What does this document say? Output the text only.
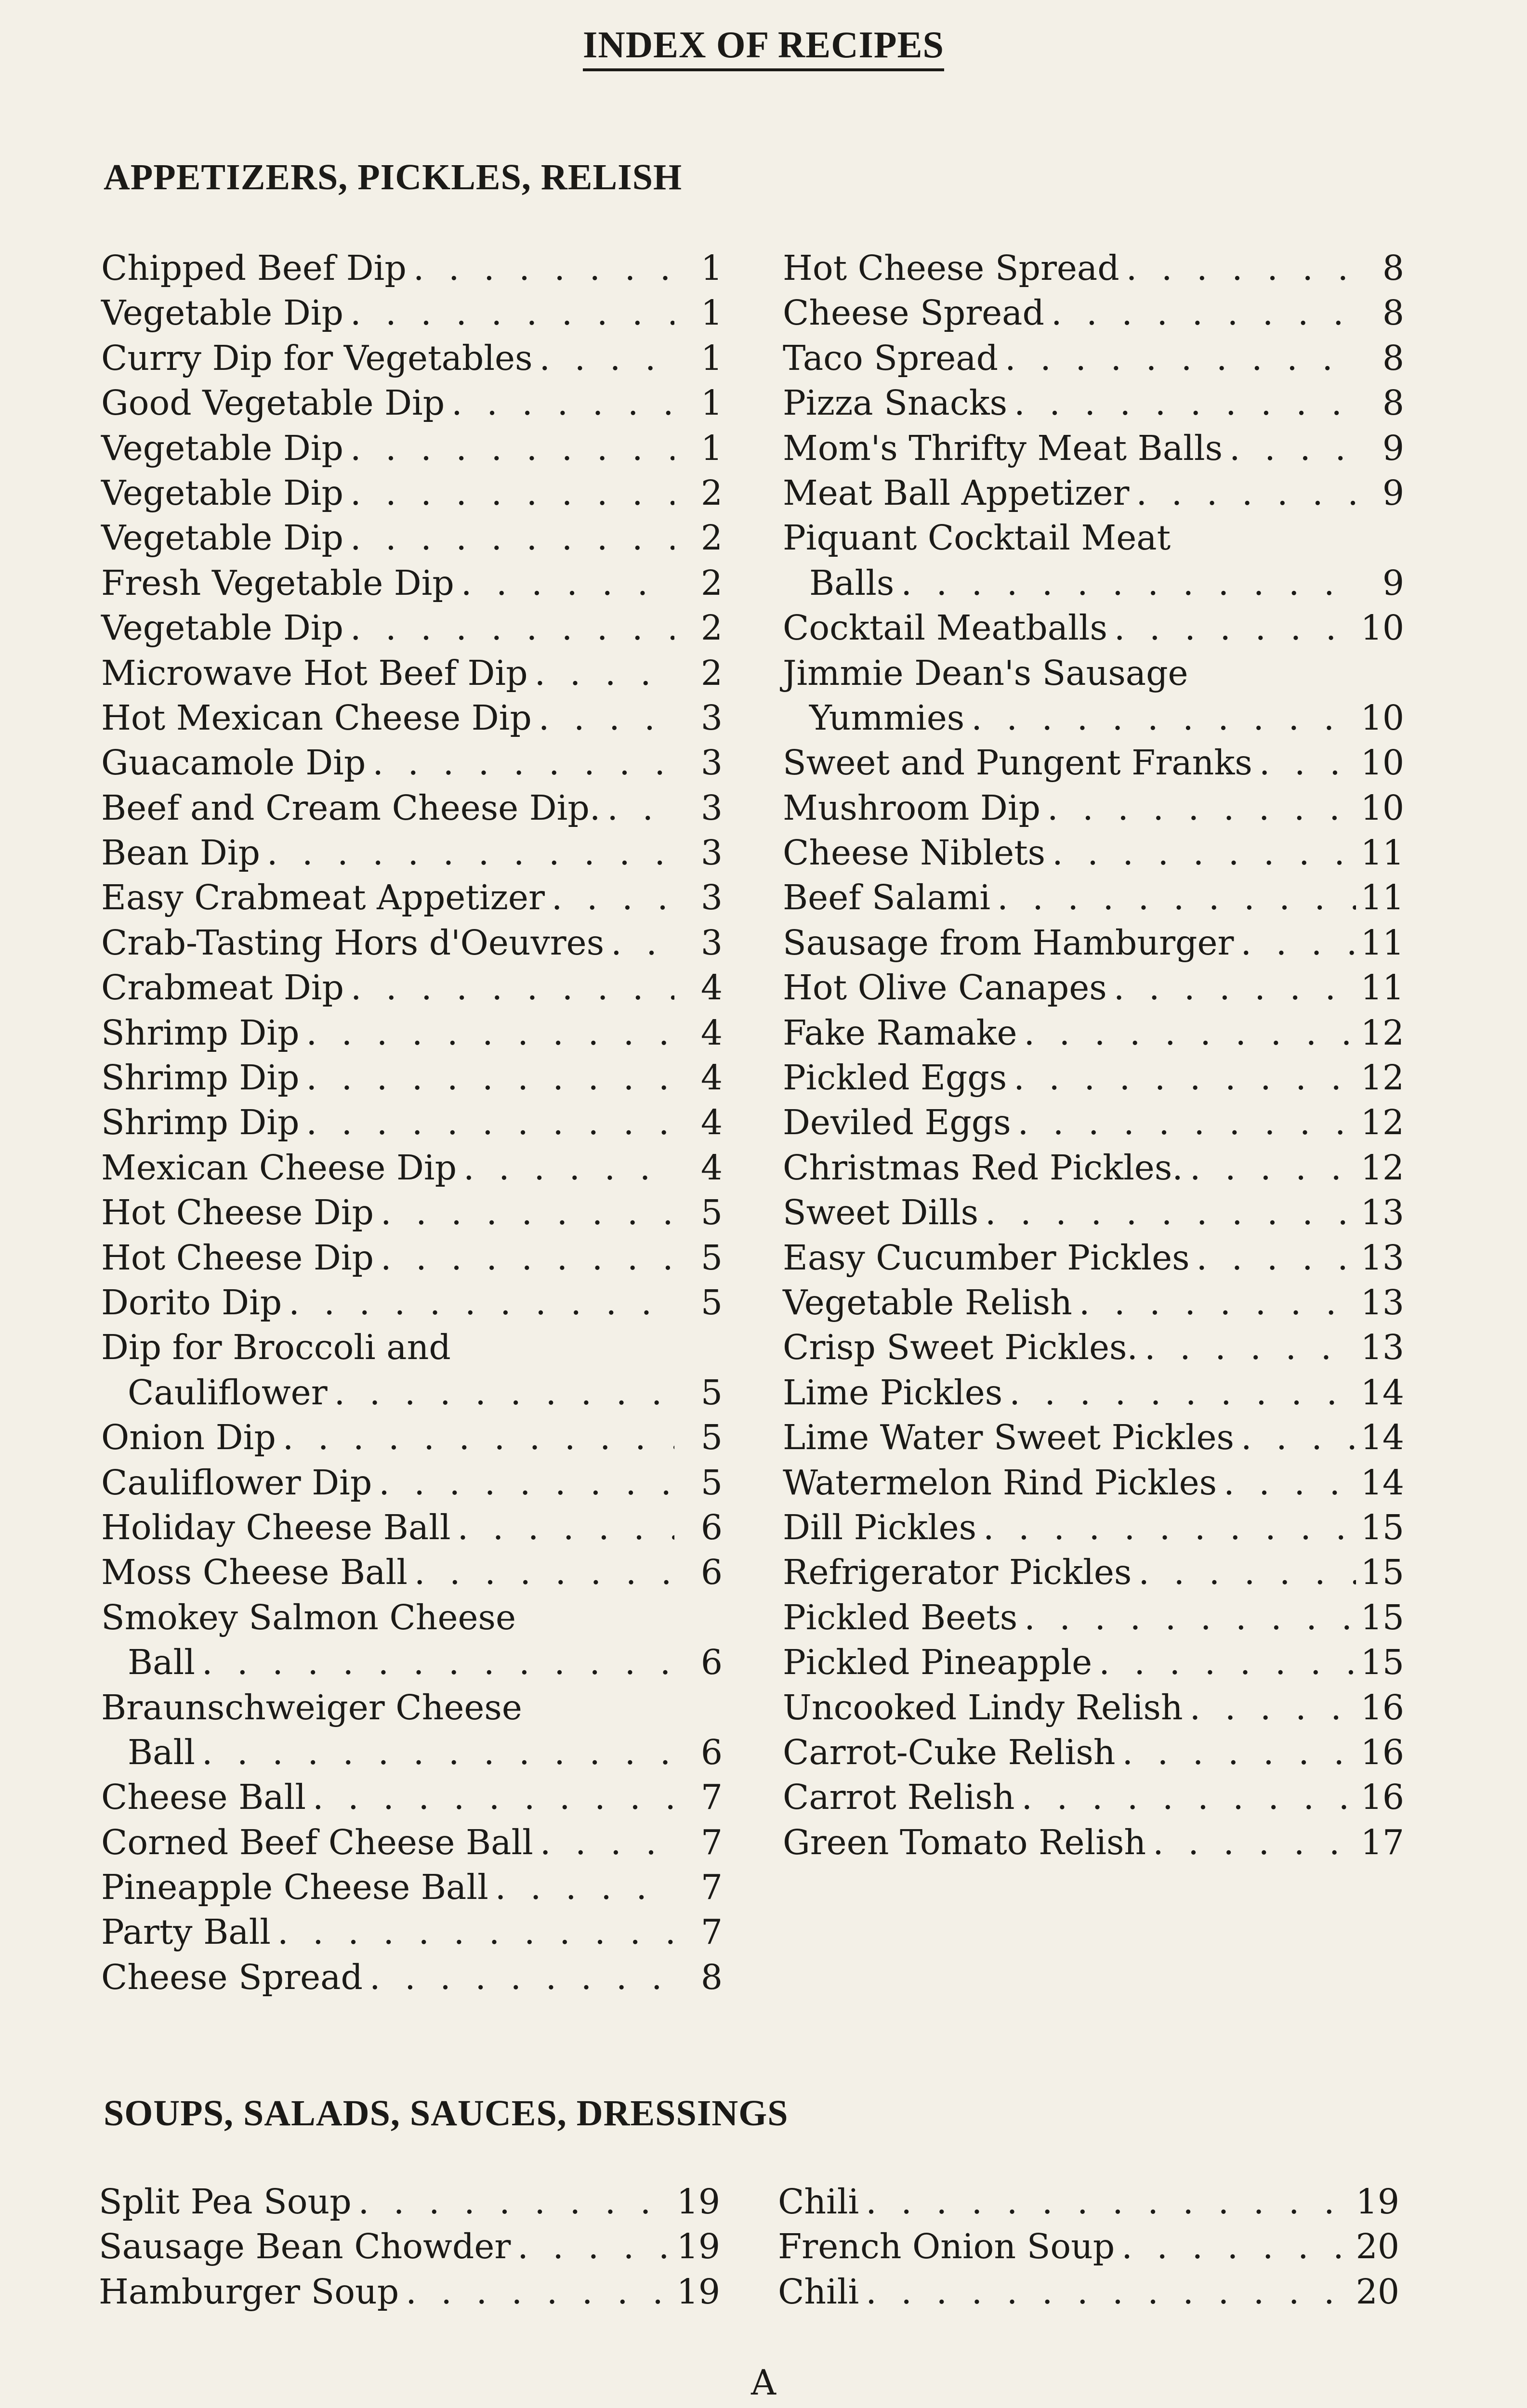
INDEX OF RECIPES
APPETIZERS, PICKLES, RELISH
Chipped Beef Dip . . .	1
Vegetable Dip . . .	1
Curry Dip for Vegetables . . .	1
Good Vegetable Dip . . .	1
Vegetable Dip . . .	1
Vegetable Dip . . .	2
Vegetable Dip . . .	2
Fresh Vegetable Dip . . .	2
Vegetable Dip . . .	2
Microwave Hot Beef Dip . . .	2
Hot Mexican Cheese Dip . . .	3
Guacamole Dip . . .	3
Beef and Cream Cheese Dip. . . .	3
Bean Dip . . .	3
Easy Crabmeat Appetizer . . .	3
Crab-Tasting Hors d'Oeuvres . . .	3
Crabmeat Dip . . .	4
Shrimp Dip . . .	4
Shrimp Dip . . .	4
Shrimp Dip . . .	4
Mexican Cheese Dip . . .	4
Hot Cheese Dip . . .	5
Hot Cheese Dip . . .	5
Dorito Dip . . .	5
Dip for Broccoli and
Cauliflower . . .	5
Onion Dip . . .	5
Cauliflower Dip . . .	5
Holiday Cheese Ball . . .	6
Moss Cheese Ball . . .	6
Smokey Salmon Cheese
Ball . . .	6
Braunschweiger Cheese
Ball . . .	6
Cheese Ball . . .	7
Corned Beef Cheese Ball . . .	7
Pineapple Cheese Ball . . .	7
Party Ball . . .	7
Cheese Spread . . .	8
Hot Cheese Spread . . .	8
Cheese Spread . . .	8
Taco Spread . . .	8
Pizza Snacks . . .	8
Mom's Thrifty Meat Balls . . .	9
Meat Ball Appetizer . . .	9
Piquant Cocktail Meat
Balls . . .	9
Cocktail Meatballs . . .	10
Jimmie Dean's Sausage
Yummies . . .	10
Sweet and Pungent Franks . . .	10
Mushroom Dip . . .	10
Cheese Niblets . . .	11
Beef Salami . . .	11
Sausage from Hamburger . . .	11
Hot Olive Canapes . . .	11
Fake Ramake . . .	12
Pickled Eggs . . .	12
Deviled Eggs . . .	12
Christmas Red Pickles. . . .	12
Sweet Dills . . .	13
Easy Cucumber Pickles . . .	13
Vegetable Relish . . .	13
Crisp Sweet Pickles. . . .	13
Lime Pickles . . .	14
Lime Water Sweet Pickles . . .	14
Watermelon Rind Pickles . . .	14
Dill Pickles . . .	15
Refrigerator Pickles . . .	15
Pickled Beets . . .	15
Pickled Pineapple . . .	15
Uncooked Lindy Relish . . .	16
Carrot-Cuke Relish . . .	16
Carrot Relish . . .	16
Green Tomato Relish . . .	17
SOUPS, SALADS, SAUCES, DRESSINGS
Split Pea Soup . . .	19
Sausage Bean Chowder . . .	19
Hamburger Soup . . .	19
Chili . . .	19
French Onion Soup . . .	20
Chili . . .	20
A
